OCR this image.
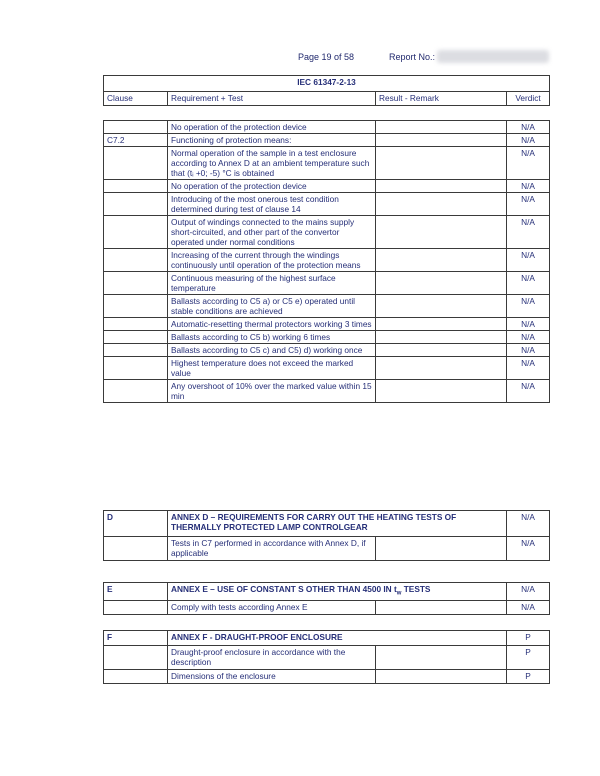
Page 19 of 58	Report No.:
IEC 61347-2-13
Clause	Requirement + Test	Result - Remark	Verdict
	No operation of the protection device		N/A
C7.2	Functioning of protection means:		N/A
	Normal operation of the sample in a test enclosure according to Annex D at an ambient temperature such that (tᵢ +0; -5) °C is obtained		N/A
	No operation of the protection device		N/A
	Introducing of the most onerous test condition determined during test of clause 14		N/A
	Output of windings connected to the mains supply short-circuited, and other part of the convertor operated under normal conditions		N/A
	Increasing of the current through the windings continuously until operation of the protection means		N/A
	Continuous measuring of the highest surface temperature		N/A
	Ballasts according to C5 a) or C5 e) operated until stable conditions are achieved		N/A
	Automatic-resetting thermal protectors working 3 times		N/A
	Ballasts according to C5 b) working 6 times		N/A
	Ballasts according to C5 c) and C5) d) working once		N/A
	Highest temperature does not exceed the marked value		N/A
	Any overshoot of 10% over the marked value within 15 min		N/A
D	ANNEX D – REQUIREMENTS FOR CARRY OUT THE HEATING TESTS OF THERMALLY PROTECTED LAMP CONTROLGEAR		N/A
	Tests in C7 performed in accordance with Annex D, if applicable		N/A
E	ANNEX E – USE OF CONSTANT S OTHER THAN 4500 IN $t_w$ TESTS		N/A
	Comply with tests according Annex E		N/A
F	ANNEX F - DRAUGHT-PROOF ENCLOSURE		P
	Draught-proof enclosure in accordance with the description		P
	Dimensions of the enclosure		P
